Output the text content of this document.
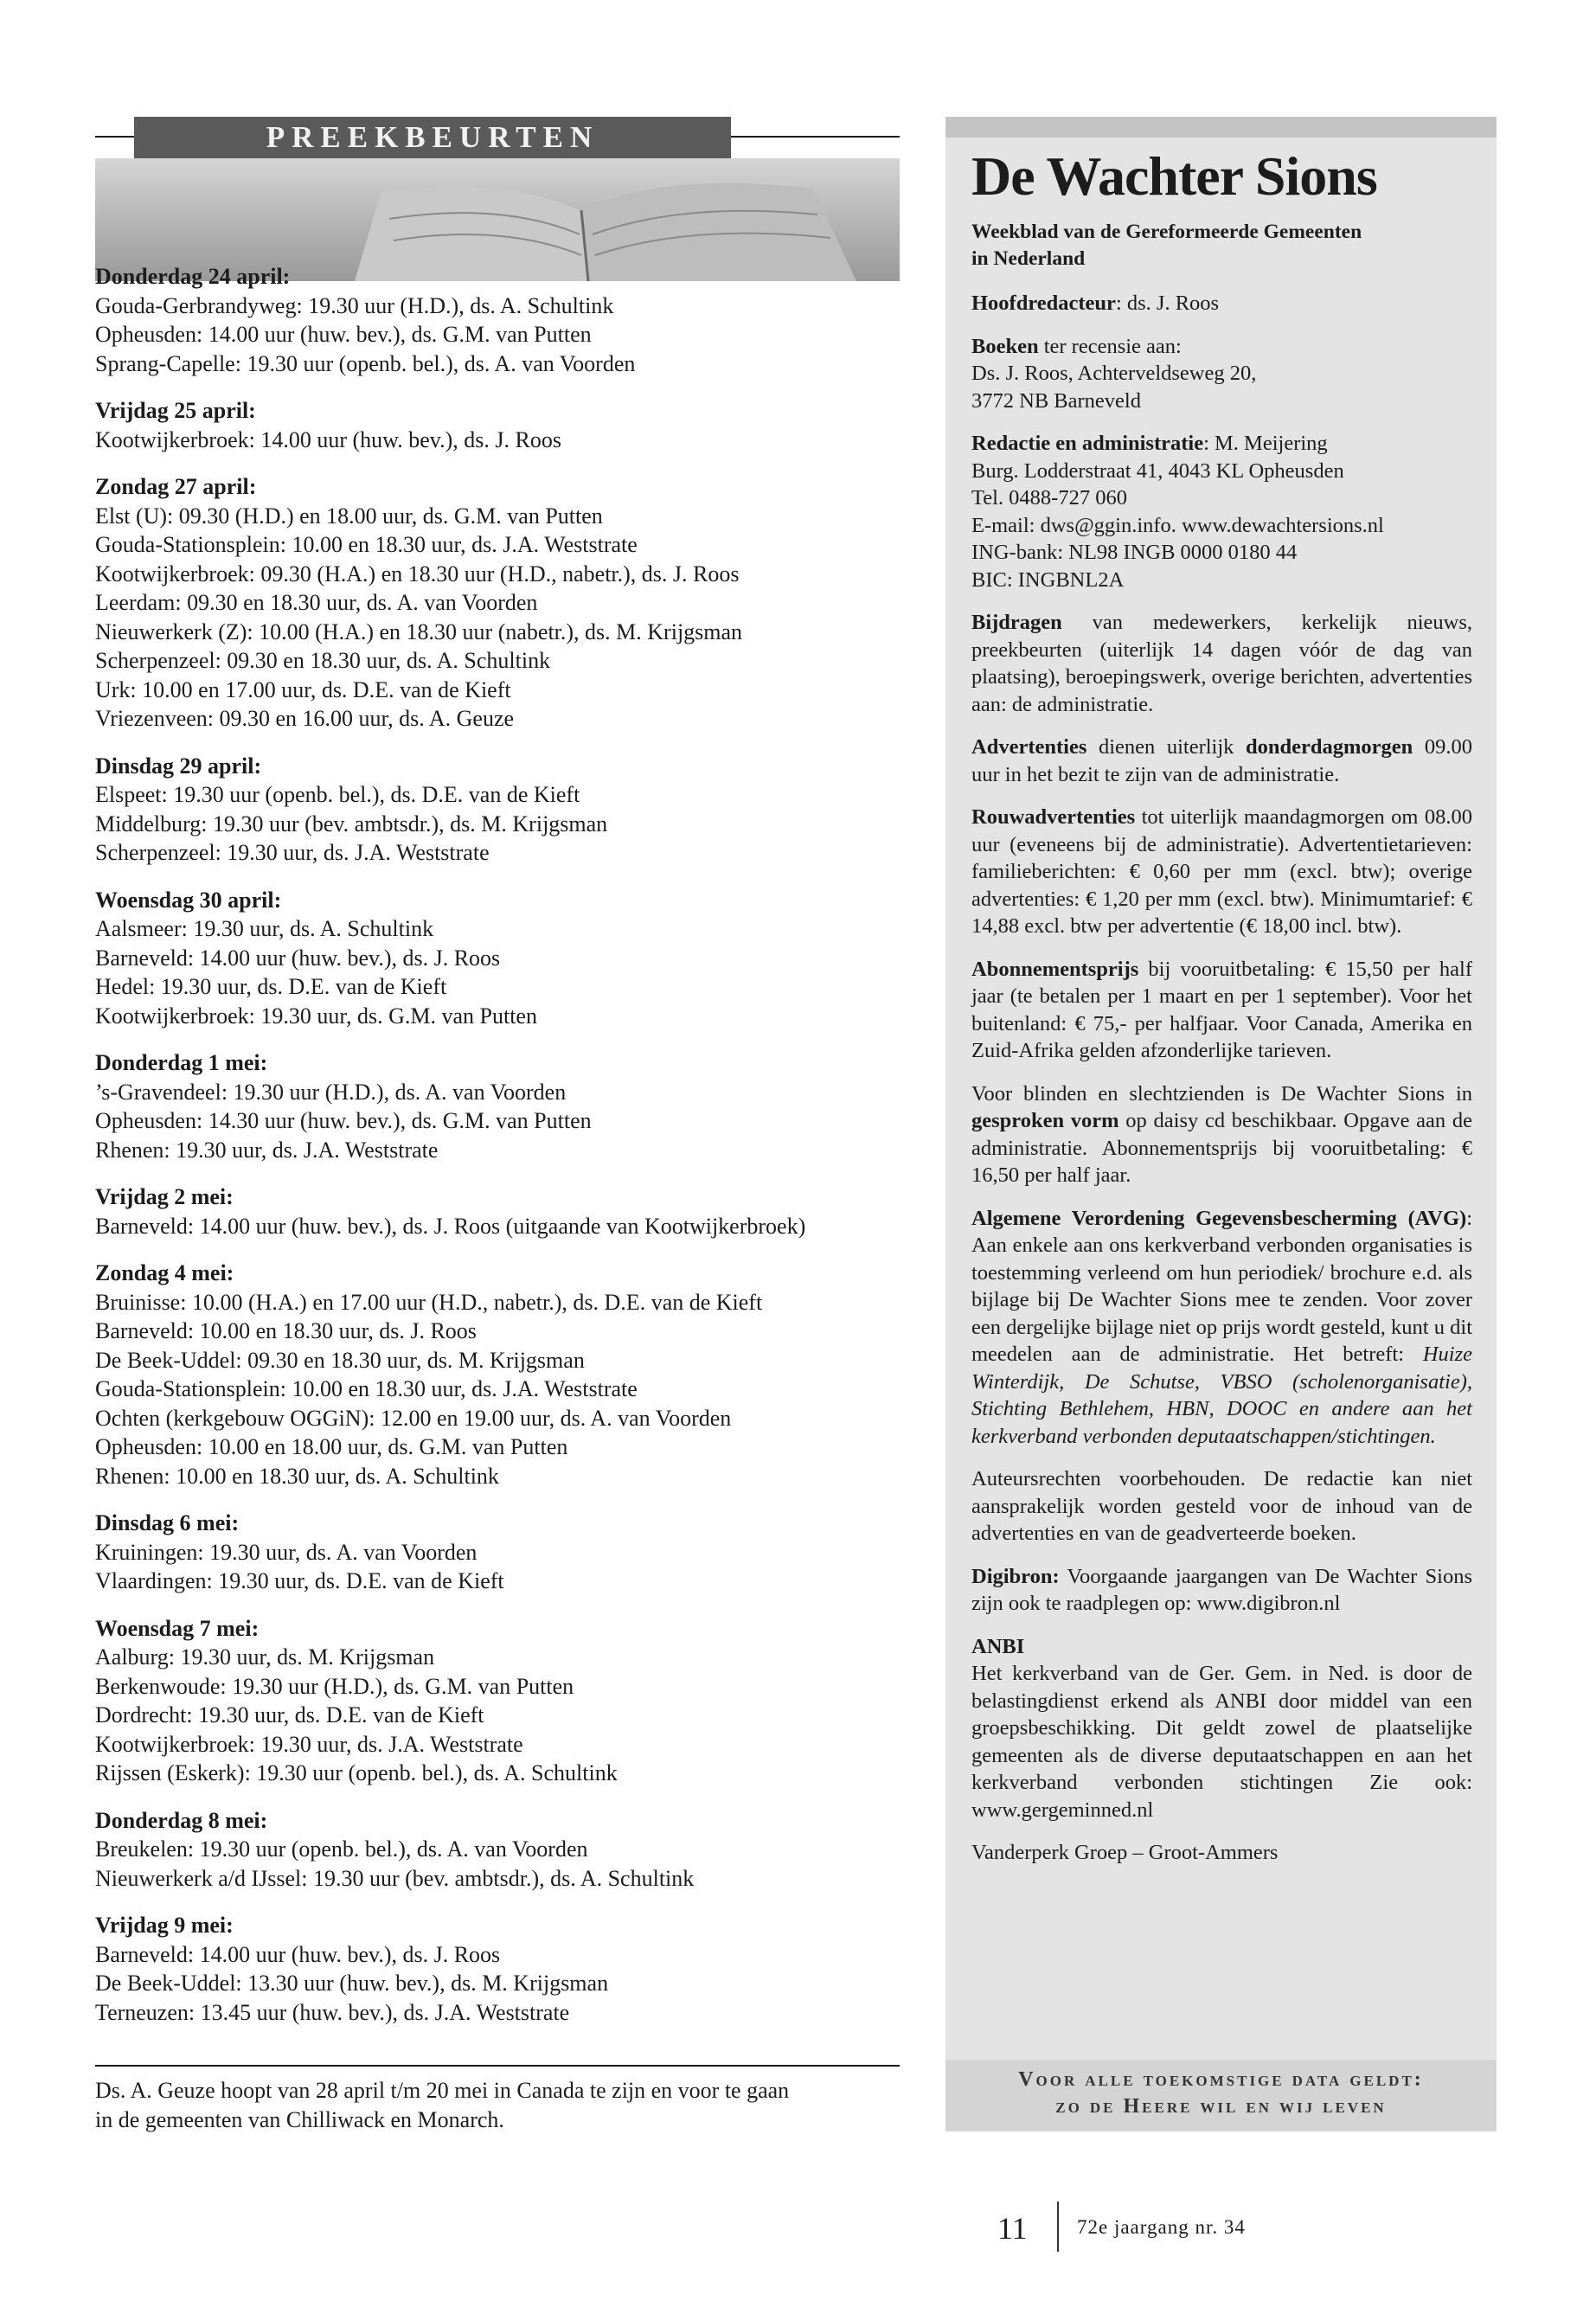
PREEKBEURTEN
Donderdag 24 april:
Gouda-Gerbrandyweg: 19.30 uur (H.D.), ds. A. Schultink
Opheusden: 14.00 uur (huw. bev.), ds. G.M. van Putten
Sprang-Capelle: 19.30 uur (openb. bel.), ds. A. van Voorden
Vrijdag 25 april:
Kootwijkerbroek: 14.00 uur (huw. bev.), ds. J. Roos
Zondag 27 april:
Elst (U): 09.30 (H.D.) en 18.00 uur, ds. G.M. van Putten
Gouda-Stationsplein: 10.00 en 18.30 uur, ds. J.A. Weststrate
Kootwijkerbroek: 09.30 (H.A.) en 18.30 uur (H.D., nabetr.), ds. J. Roos
Leerdam: 09.30 en 18.30 uur, ds. A. van Voorden
Nieuwerkerk (Z): 10.00 (H.A.) en 18.30 uur (nabetr.), ds. M. Krijgsman
Scherpenzeel: 09.30 en 18.30 uur, ds. A. Schultink
Urk: 10.00 en 17.00 uur, ds. D.E. van de Kieft
Vriezenveen: 09.30 en 16.00 uur, ds. A. Geuze
Dinsdag 29 april:
Elspeet: 19.30 uur (openb. bel.), ds. D.E. van de Kieft
Middelburg: 19.30 uur (bev. ambtsdr.), ds. M. Krijgsman
Scherpenzeel: 19.30 uur, ds. J.A. Weststrate
Woensdag 30 april:
Aalsmeer: 19.30 uur, ds. A. Schultink
Barneveld: 14.00 uur (huw. bev.), ds. J. Roos
Hedel: 19.30 uur, ds. D.E. van de Kieft
Kootwijkerbroek: 19.30 uur, ds. G.M. van Putten
Donderdag 1 mei:
’s-Gravendeel: 19.30 uur (H.D.), ds. A. van Voorden
Opheusden: 14.30 uur (huw. bev.), ds. G.M. van Putten
Rhenen: 19.30 uur, ds. J.A. Weststrate
Vrijdag 2 mei:
Barneveld: 14.00 uur (huw. bev.), ds. J. Roos (uitgaande van Kootwijkerbroek)
Zondag 4 mei:
Bruinisse: 10.00 (H.A.) en 17.00 uur (H.D., nabetr.), ds. D.E. van de Kieft
Barneveld: 10.00 en 18.30 uur, ds. J. Roos
De Beek-Uddel: 09.30 en 18.30 uur, ds. M. Krijgsman
Gouda-Stationsplein: 10.00 en 18.30 uur, ds. J.A. Weststrate
Ochten (kerkgebouw OGGiN): 12.00 en 19.00 uur, ds. A. van Voorden
Opheusden: 10.00 en 18.00 uur, ds. G.M. van Putten
Rhenen: 10.00 en 18.30 uur, ds. A. Schultink
Dinsdag 6 mei:
Kruiningen: 19.30 uur, ds. A. van Voorden
Vlaardingen: 19.30 uur, ds. D.E. van de Kieft
Woensdag 7 mei:
Aalburg: 19.30 uur, ds. M. Krijgsman
Berkenwoude: 19.30 uur (H.D.), ds. G.M. van Putten
Dordrecht: 19.30 uur, ds. D.E. van de Kieft
Kootwijkerbroek: 19.30 uur, ds. J.A. Weststrate
Rijssen (Eskerk): 19.30 uur (openb. bel.), ds. A. Schultink
Donderdag 8 mei:
Breukelen: 19.30 uur (openb. bel.), ds. A. van Voorden
Nieuwerkerk a/d IJssel: 19.30 uur (bev. ambtsdr.), ds. A. Schultink
Vrijdag 9 mei:
Barneveld: 14.00 uur (huw. bev.), ds. J. Roos
De Beek-Uddel: 13.30 uur (huw. bev.), ds. M. Krijgsman
Terneuzen: 13.45 uur (huw. bev.), ds. J.A. Weststrate
Ds. A. Geuze hoopt van 28 april t/m 20 mei in Canada te zijn en voor te gaan
in de gemeenten van Chilliwack en Monarch.
De Wachter Sions
Weekblad van de Gereformeerde Gemeenten
in Nederland
Hoofdredacteur: ds. J. Roos
Boeken ter recensie aan:
Ds. J. Roos, Achterveldseweg 20,
3772 NB Barneveld
Redactie en administratie: M. Meijering
Burg. Lodderstraat 41, 4043 KL Opheusden
Tel. 0488-727 060
E-mail: dws@ggin.info. www.dewachtersions.nl
ING-bank: NL98 INGB 0000 0180 44
BIC: INGBNL2A
Bijdragen van medewerkers, kerkelijk nieuws, preekbeurten (uiterlijk 14 dagen vóór de dag van plaatsing), beroepingswerk, overige berichten, advertenties aan: de administratie.
Advertenties dienen uiterlijk donderdagmorgen 09.00 uur in het bezit te zijn van de administratie.
Rouwadvertenties tot uiterlijk maandagmorgen om 08.00 uur (eveneens bij de administratie). Advertentietarieven: familieberichten: € 0,60 per mm (excl. btw); overige advertenties: € 1,20 per mm (excl. btw). Minimumtarief: € 14,88 excl. btw per advertentie (€ 18,00 incl. btw).
Abonnementsprijs bij vooruitbetaling: € 15,50 per half jaar (te betalen per 1 maart en per 1 september). Voor het buitenland: € 75,- per halfjaar. Voor Canada, Amerika en Zuid-Afrika gelden afzonderlijke tarieven.
Voor blinden en slechtzienden is De Wachter Sions in gesproken vorm op daisy cd beschikbaar. Opgave aan de administratie. Abonnementsprijs bij vooruitbetaling: € 16,50 per half jaar.
Algemene Verordening Gegevensbescherming (AVG): Aan enkele aan ons kerkverband verbonden organisaties is toestemming verleend om hun periodiek/ brochure e.d. als bijlage bij De Wachter Sions mee te zenden. Voor zover een dergelijke bijlage niet op prijs wordt gesteld, kunt u dit meedelen aan de administratie. Het betreft: Huize Winterdijk, De Schutse, VBSO (scholenorganisatie), Stichting Bethlehem, HBN, DOOC en andere aan het kerkverband verbonden deputaatschappen/stichtingen.
Auteursrechten voorbehouden. De redactie kan niet aansprakelijk worden gesteld voor de inhoud van de advertenties en van de geadverteerde boeken.
Digibron: Voorgaande jaargangen van De Wachter Sions zijn ook te raadplegen op: www.digibron.nl
ANBI
Het kerkverband van de Ger. Gem. in Ned. is door de belastingdienst erkend als ANBI door middel van een groepsbeschikking. Dit geldt zowel de plaatselijke gemeenten als de diverse deputaatschappen en aan het kerkverband verbonden stichtingen Zie ook: www.gergeminned.nl
Vanderperk Groep – Groot-Ammers
Voor alle toekomstige data geldt:
zo de Heere wil en wij leven
11 72e jaargang nr. 34
